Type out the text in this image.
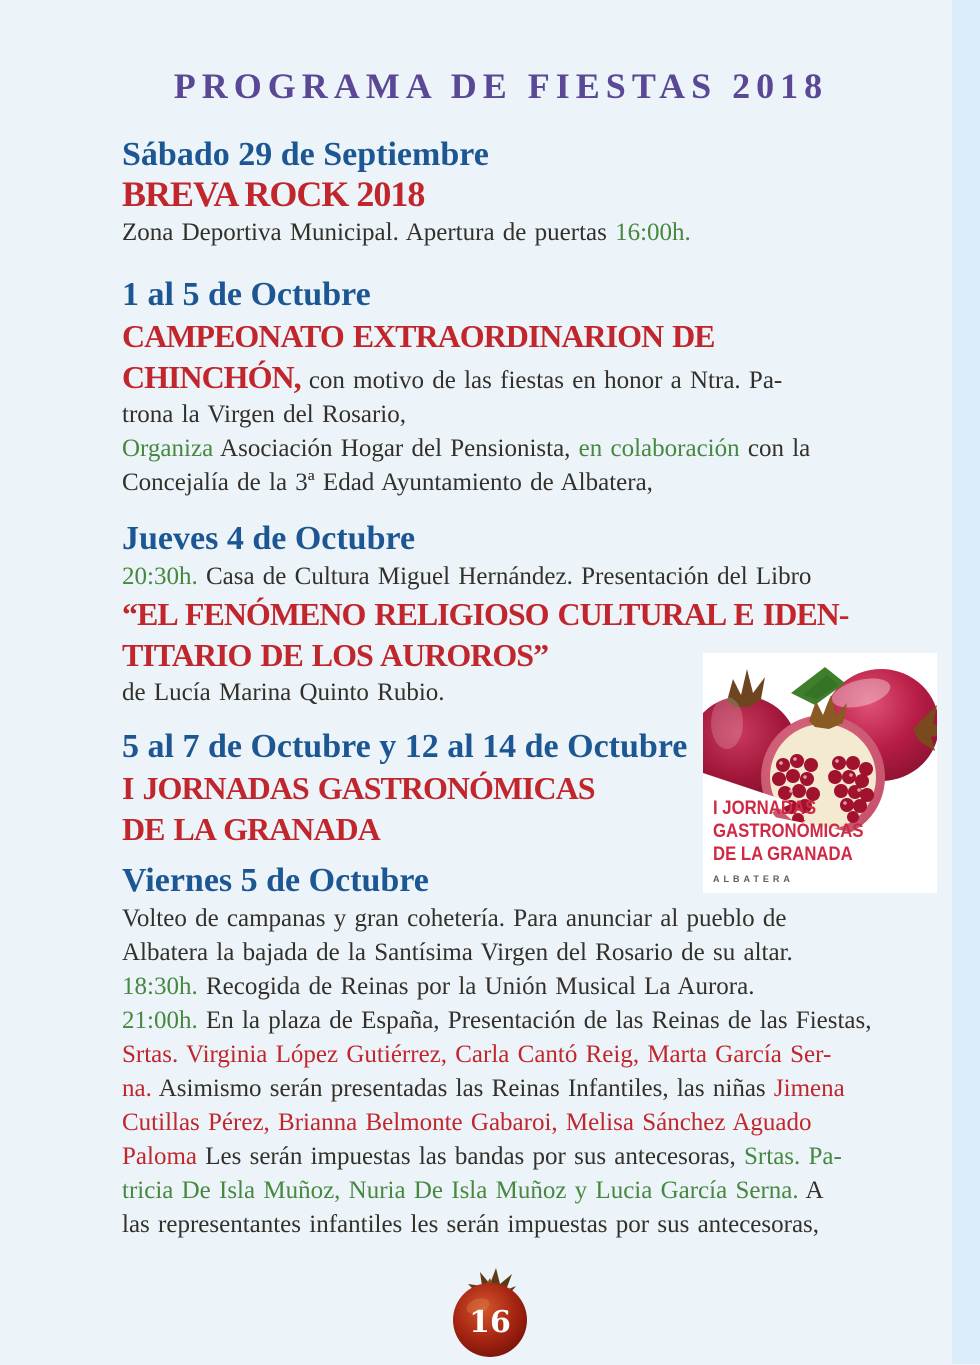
PROGRAMA DE FIESTAS 2018
Sábado 29 de Septiembre
BREVA ROCK 2018
Zona Deportiva Municipal. Apertura de puertas 16:00h.
1 al 5 de Octubre
CAMPEONATO EXTRAORDINARION DE
CHINCHÓN, con motivo de las fiestas en honor a Ntra. Pa-
trona la Virgen del Rosario,
Organiza Asociación Hogar del Pensionista, en colaboración con la
Concejalía de la 3ª Edad Ayuntamiento de Albatera,
Jueves 4 de Octubre
20:30h. Casa de Cultura Miguel Hernández. Presentación del Libro
“EL FENÓMENO RELIGIOSO CULTURAL E IDEN-
TITARIO DE LOS AUROROS”
de Lucía Marina Quinto Rubio.
5 al 7 de Octubre y 12 al 14 de Octubre
I JORNADAS GASTRONÓMICAS
DE LA GRANADA
I JORNADAS
GASTRONÓMICAS
DE LA GRANADA
ALBATERA
Viernes 5 de Octubre
Volteo de campanas y gran cohetería. Para anunciar al pueblo de
Albatera la bajada de la Santísima Virgen del Rosario de su altar.
18:30h. Recogida de Reinas por la Unión Musical La Aurora.
21:00h. En la plaza de España, Presentación de las Reinas de las Fiestas,
Srtas. Virginia López Gutiérrez, Carla Cantó Reig, Marta García Ser-
na. Asimismo serán presentadas las Reinas Infantiles, las niñas Jimena
Cutillas Pérez, Brianna Belmonte Gabaroi, Melisa Sánchez Aguado
Paloma Les serán impuestas las bandas por sus antecesoras, Srtas. Pa-
tricia De Isla Muñoz, Nuria De Isla Muñoz y Lucia García Serna. A
las representantes infantiles les serán impuestas por sus antecesoras,
16
